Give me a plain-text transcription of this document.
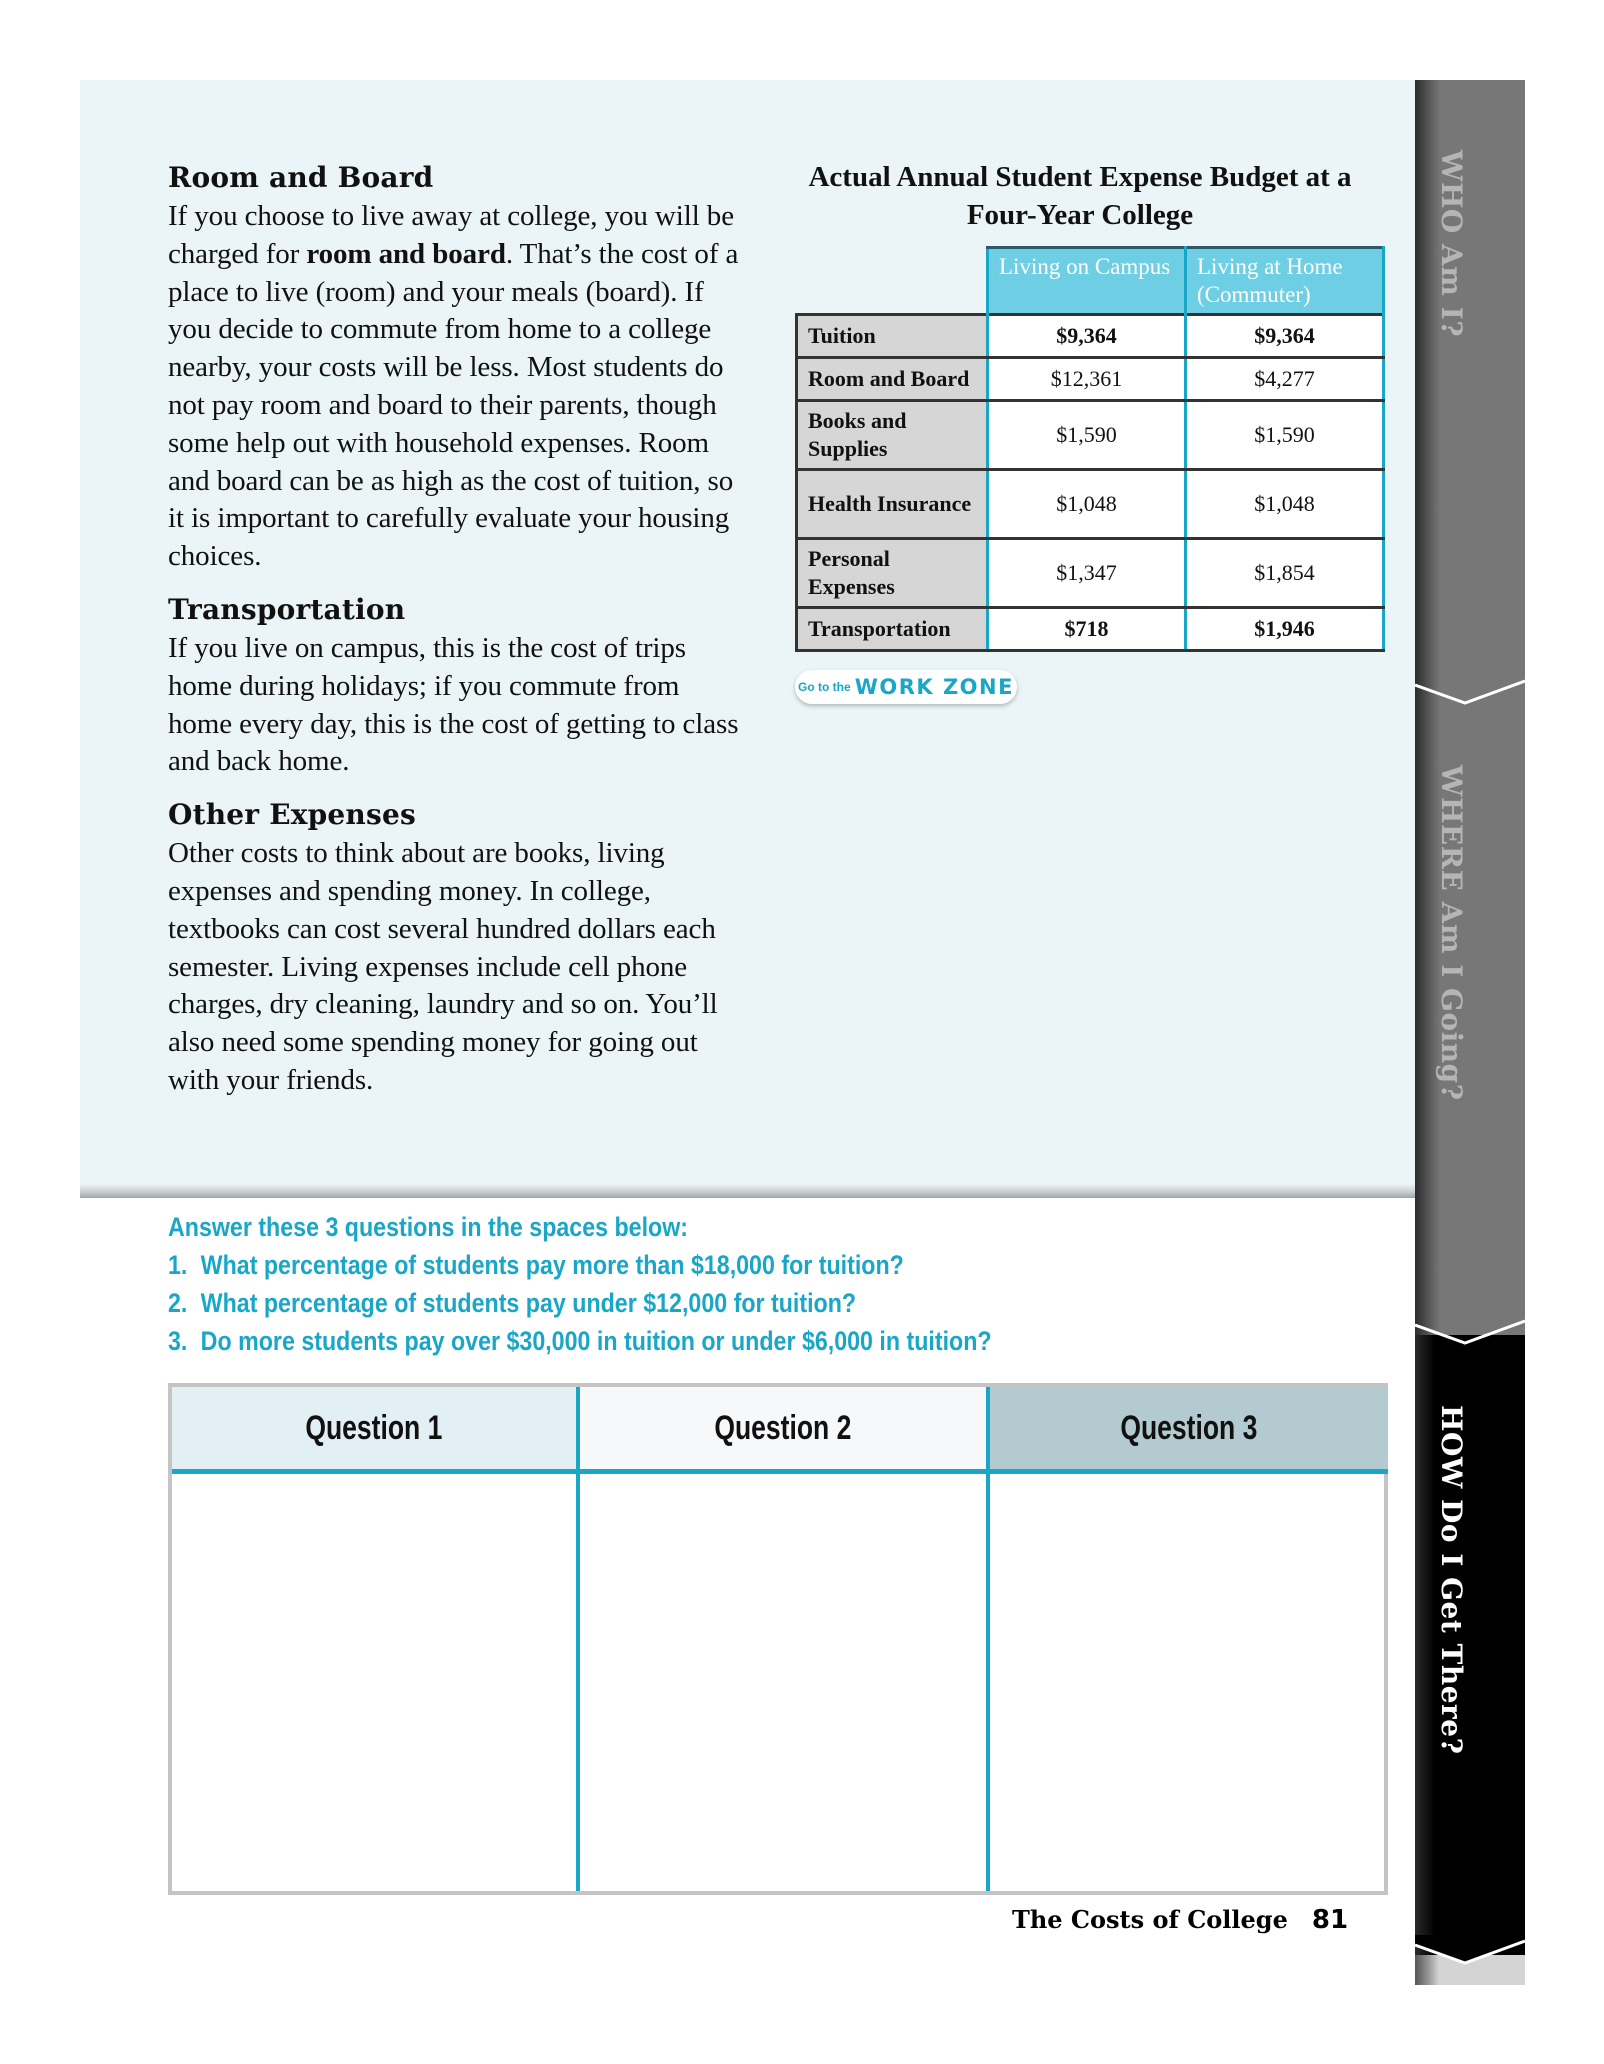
Room and Board

If you choose to live away at college, you will be charged for room and board. That’s the cost of a place to live (room) and your meals (board). If you decide to commute from home to a college nearby, your costs will be less. Most students do not pay room and board to their parents, though some help out with household expenses. Room and board can be as high as the cost of tuition, so it is important to carefully evaluate your housing choices.

Transportation

If you live on campus, this is the cost of trips home during holidays; if you commute from home every day, this is the cost of getting to class and back home.

Other Expenses

Other costs to think about are books, living expenses and spending money. In college, textbooks can cost several hundred dollars each semester. Living expenses include cell phone charges, dry cleaning, laundry and so on. You’ll also need some spending money for going out with your friends.

Actual Annual Student Expense Budget at a Four-Year College
	Living on Campus	Living at Home (Commuter)
Tuition	$9,364	$9,364
Room and Board	$12,361	$4,277
Books and Supplies	$1,590	$1,590
Health Insurance	$1,048	$1,048
Personal Expenses	$1,347	$1,854
Transportation	$718	$1,946
Go to the WORK ZONE
Answer these 3 questions in the spaces below:
1. What percentage of students pay more than $18,000 for tuition?
2. What percentage of students pay under $12,000 for tuition?
3. Do more students pay over $30,000 in tuition or under $6,000 in tuition?
Question 1	Question 2	Question 3
The Costs of College 81
WHO Am I?
WHERE Am I Going?
HOW Do I Get There?
